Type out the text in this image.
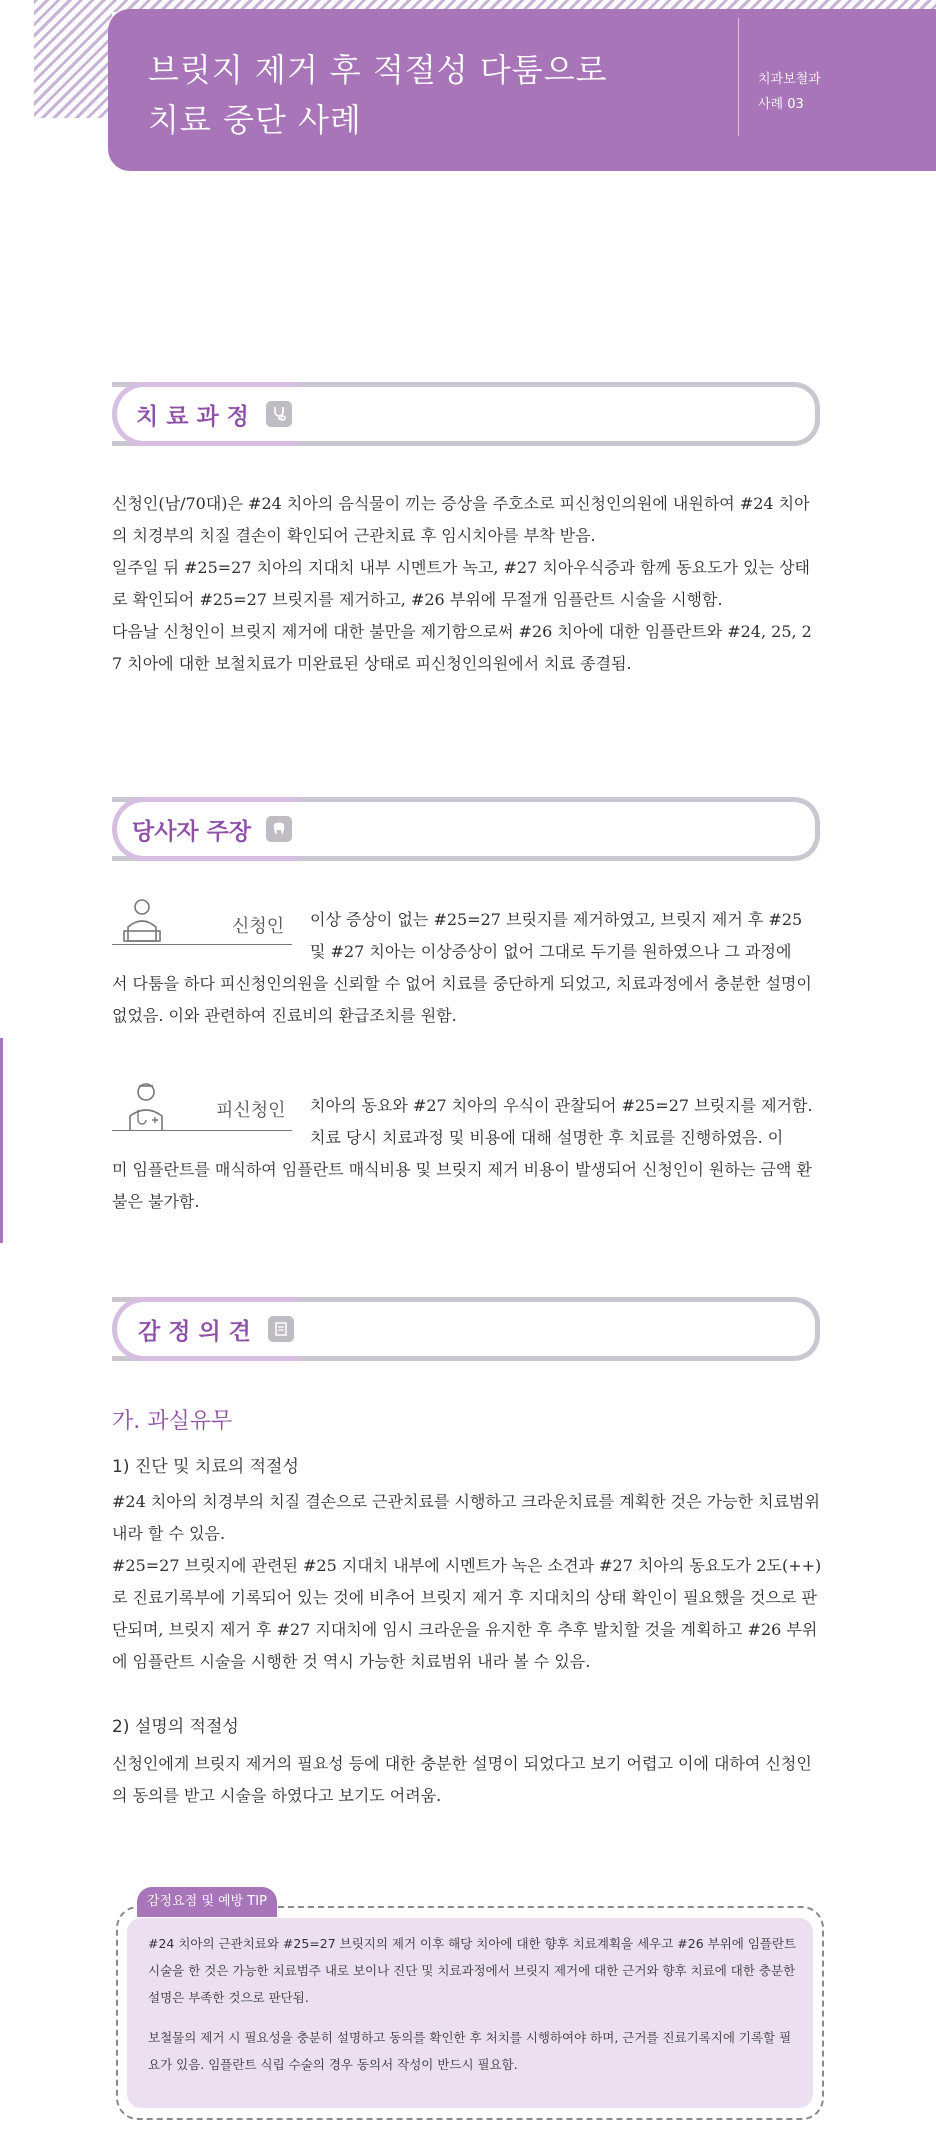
브릿지 제거 후 적절성 다툼으로
치료 중단 사례
치과보철과
사례 03
치 료 과 정

신청인(남/70대)은 #24 치아의 음식물이 끼는 증상을 주호소로 피신청인의원에 내원하여 #24 치아의 치경부의 치질 결손이 확인되어 근관치료 후 임시치아를 부착 받음.

일주일 뒤 #25=27 치아의 지대치 내부 시멘트가 녹고, #27 치아우식증과 함께 동요도가 있는 상태로 확인되어 #25=27 브릿지를 제거하고, #26 부위에 무절개 임플란트 시술을 시행함.

다음날 신청인이 브릿지 제거에 대한 불만을 제기함으로써 #26 치아에 대한 임플란트와 #24, 25, 27 치아에 대한 보철치료가 미완료된 상태로 피신청인의원에서 치료 종결됨.

당사자 주장
신청인 이상 증상이 없는 #25=27 브릿지를 제거하였고, 브릿지 제거 후 #25 및 #27 치아는 이상증상이 없어 그대로 두기를 원하였으나 그 과정에
서 다툼을 하다 피신청인의원을 신뢰할 수 없어 치료를 중단하게 되었고, 치료과정에서 충분한 설명이 없었음. 이와 관련하여 진료비의 환급조치를 원함.
피신청인 치아의 동요와 #27 치아의 우식이 관찰되어 #25=27 브릿지를 제거함. 치료 당시 치료과정 및 비용에 대해 설명한 후 치료를 진행하였음. 이
미 임플란트를 매식하여 임플란트 매식비용 및 브릿지 제거 비용이 발생되어 신청인이 원하는 금액 환불은 불가함.
감 정 의 견
가. 과실유무
1) 진단 및 치료의 적절성

#24 치아의 치경부의 치질 결손으로 근관치료를 시행하고 크라운치료를 계획한 것은 가능한 치료범위 내라 할 수 있음.

#25=27 브릿지에 관련된 #25 지대치 내부에 시멘트가 녹은 소견과 #27 치아의 동요도가 2도(++)로 진료기록부에 기록되어 있는 것에 비추어 브릿지 제거 후 지대치의 상태 확인이 필요했을 것으로 판단되며, 브릿지 제거 후 #27 지대치에 임시 크라운을 유지한 후 추후 발치할 것을 계획하고 #26 부위에 임플란트 시술을 시행한 것 역시 가능한 치료범위 내라 볼 수 있음.

2) 설명의 적절성

신청인에게 브릿지 제거의 필요성 등에 대한 충분한 설명이 되었다고 보기 어렵고 이에 대하여 신청인의 동의를 받고 시술을 하였다고 보기도 어려움.

감정요점 및 예방 TIP
#24 치아의 근관치료와 #25=27 브릿지의 제거 이후 해당 치아에 대한 향후 치료계획을 세우고 #26 부위에 임플란트 시술을 한 것은 가능한 치료범주 내로 보이나 진단 및 치료과정에서 브릿지 제거에 대한 근거와 향후 치료에 대한 충분한 설명은 부족한 것으로 판단됨.
보철물의 제거 시 필요성을 충분히 설명하고 동의를 확인한 후 처치를 시행하여야 하며, 근거를 진료기록지에 기록할 필요가 있음. 임플란트 식립 수술의 경우 동의서 작성이 반드시 필요함.
